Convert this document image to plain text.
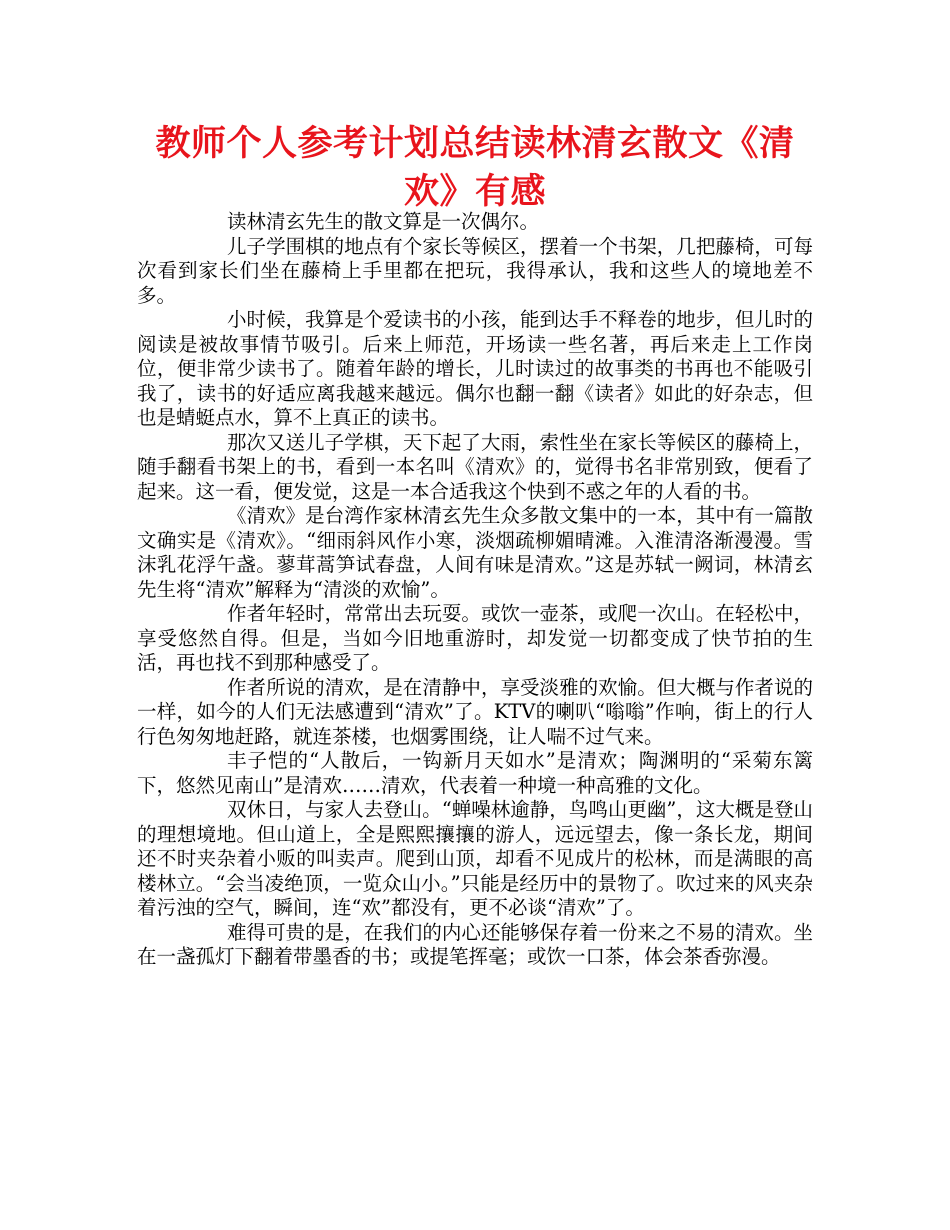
教师个人参考计划总结读林清玄散文《清欢》有感

读林清玄先生的散文算是一次偶尔。

儿子学围棋的地点有个家长等候区，摆着一个书架，几把藤椅，可每次看到家长们坐在藤椅上手里都在把玩，我得承认，我和这些人的境地差不多。

小时候，我算是个爱读书的小孩，能到达手不释卷的地步，但儿时的阅读是被故事情节吸引。后来上师范，开场读一些名著，再后来走上工作岗位，便非常少读书了。随着年龄的增长，儿时读过的故事类的书再也不能吸引我了，读书的好适应离我越来越远。偶尔也翻一翻《读者》如此的好杂志，但也是蜻蜓点水，算不上真正的读书。

那次又送儿子学棋，天下起了大雨，索性坐在家长等候区的藤椅上，随手翻看书架上的书，看到一本名叫《清欢》的，觉得书名非常别致，便看了起来。这一看，便发觉，这是一本合适我这个快到不惑之年的人看的书。

《清欢》是台湾作家林清玄先生众多散文集中的一本，其中有一篇散文确实是《清欢》。“细雨斜风作小寒，淡烟疏柳媚晴滩。入淮清洛渐漫漫。雪沫乳花浮午盏。蓼茸蒿笋试春盘，人间有味是清欢。”这是苏轼一阙词，林清玄先生将“清欢”解释为“清淡的欢愉”。

作者年轻时，常常出去玩耍。或饮一壶茶，或爬一次山。在轻松中，享受悠然自得。但是，当如今旧地重游时，却发觉一切都变成了快节拍的生活，再也找不到那种感受了。

作者所说的清欢，是在清静中，享受淡雅的欢愉。但大概与作者说的一样，如今的人们无法感遭到“清欢”了。KTV的喇叭“嗡嗡”作响，街上的行人行色匆匆地赶路，就连茶楼，也烟雾围绕，让人喘不过气来。

丰子恺的“人散后，一钩新月天如水”是清欢；陶渊明的“采菊东篱下，悠然见南山”是清欢……清欢，代表着一种境一种高雅的文化。

双休日，与家人去登山。“蝉噪林逾静，鸟鸣山更幽”，这大概是登山的理想境地。但山道上，全是熙熙攘攘的游人，远远望去，像一条长龙，期间还不时夹杂着小贩的叫卖声。爬到山顶，却看不见成片的松林，而是满眼的高楼林立。“会当凌绝顶，一览众山小。”只能是经历中的景物了。吹过来的风夹杂着污浊的空气，瞬间，连“欢”都没有，更不必谈“清欢”了。

难得可贵的是，在我们的内心还能够保存着一份来之不易的清欢。坐在一盏孤灯下翻着带墨香的书；或提笔挥毫；或饮一口茶，体会茶香弥漫。
